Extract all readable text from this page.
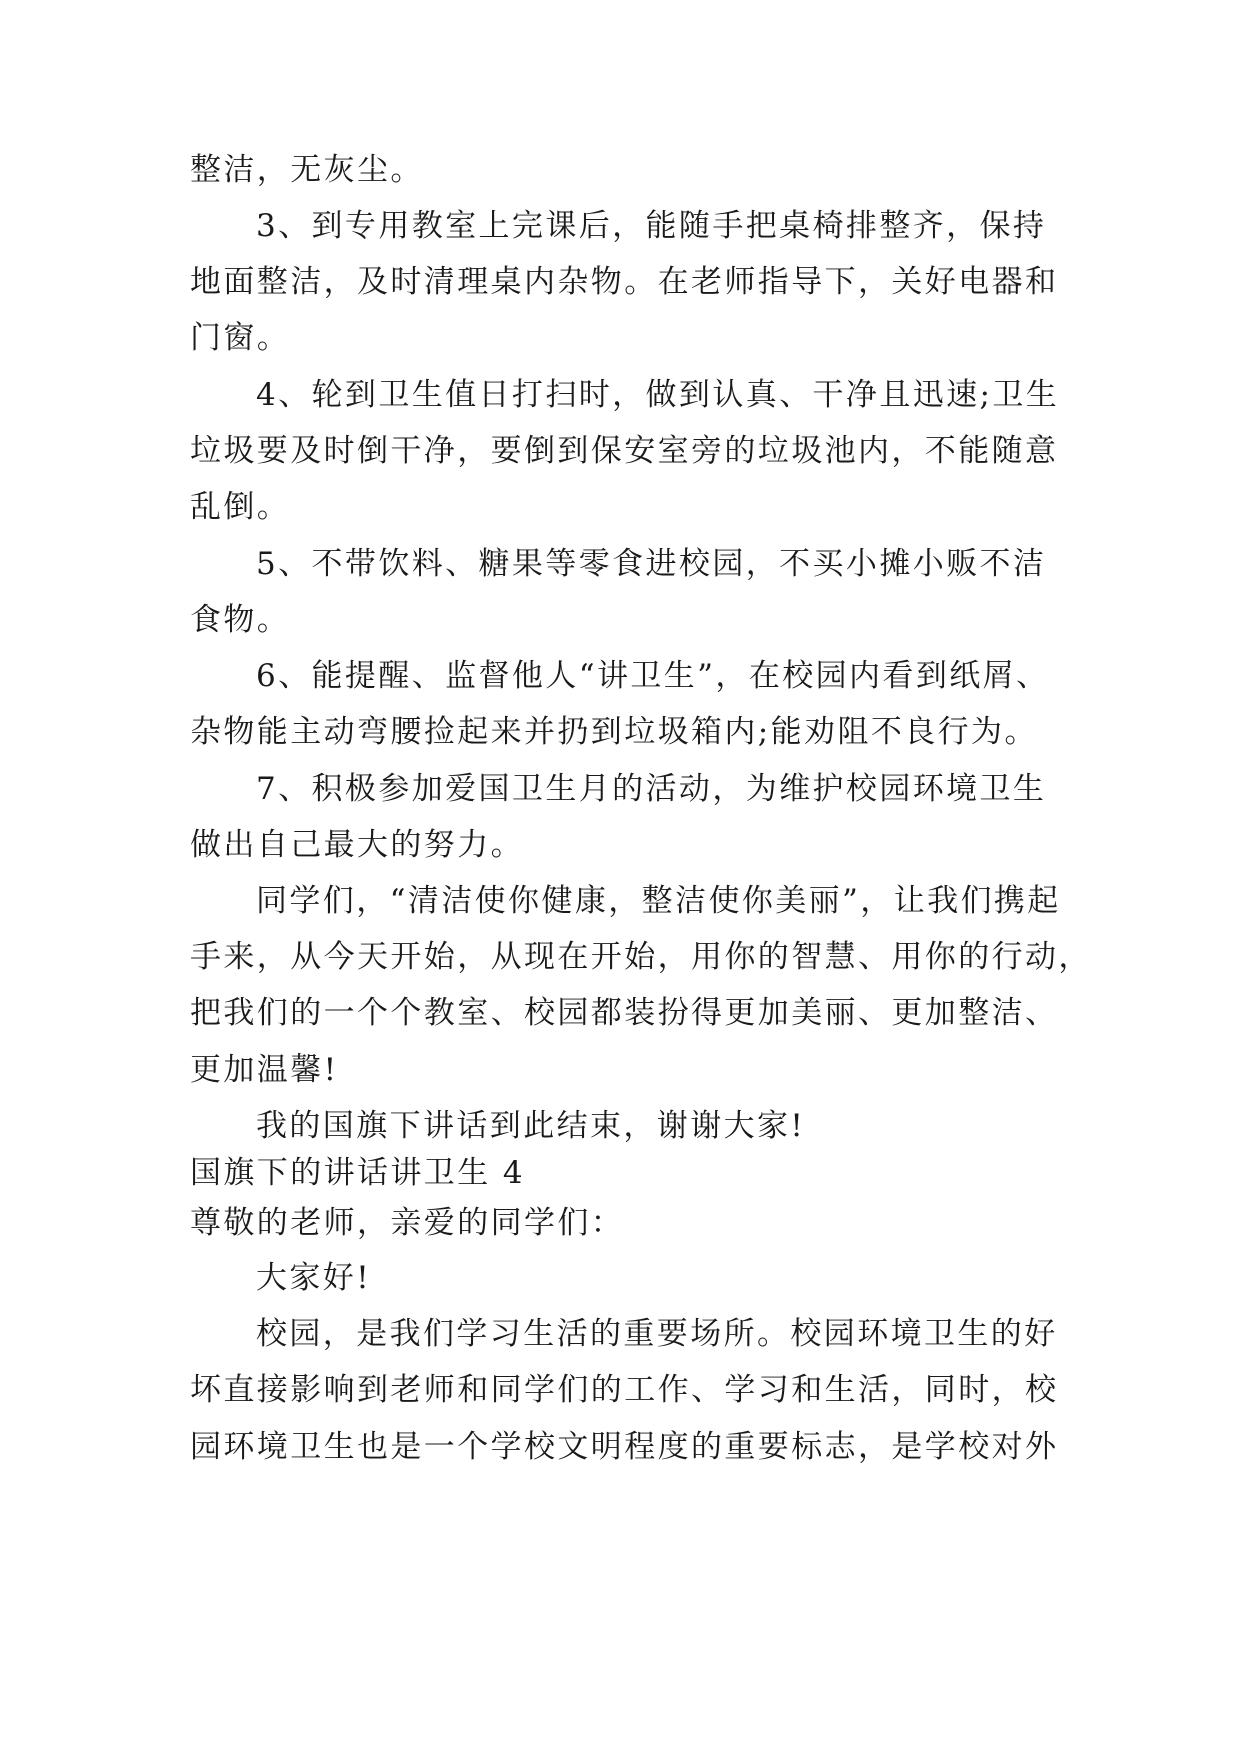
整洁，无灰尘。
3、到专用教室上完课后，能随手把桌椅排整齐，保持
地面整洁，及时清理桌内杂物。在老师指导下，关好电器和
门窗。
4、轮到卫生值日打扫时，做到认真、干净且迅速;卫生
垃圾要及时倒干净，要倒到保安室旁的垃圾池内，不能随意
乱倒。
5、不带饮料、糖果等零食进校园，不买小摊小贩不洁
食物。
6、能提醒、监督他人“讲卫生”，在校园内看到纸屑、
杂物能主动弯腰捡起来并扔到垃圾箱内;能劝阻不良行为。
7、积极参加爱国卫生月的活动，为维护校园环境卫生
做出自己最大的努力。
同学们，“清洁使你健康，整洁使你美丽”，让我们携起
手来，从今天开始，从现在开始，用你的智慧、用你的行动，
把我们的一个个教室、校园都装扮得更加美丽、更加整洁、
更加温馨!
我的国旗下讲话到此结束，谢谢大家!
国旗下的讲话讲卫生 4
尊敬的老师，亲爱的同学们：
大家好!
校园，是我们学习生活的重要场所。校园环境卫生的好
坏直接影响到老师和同学们的工作、学习和生活，同时，校
园环境卫生也是一个学校文明程度的重要标志，是学校对外
